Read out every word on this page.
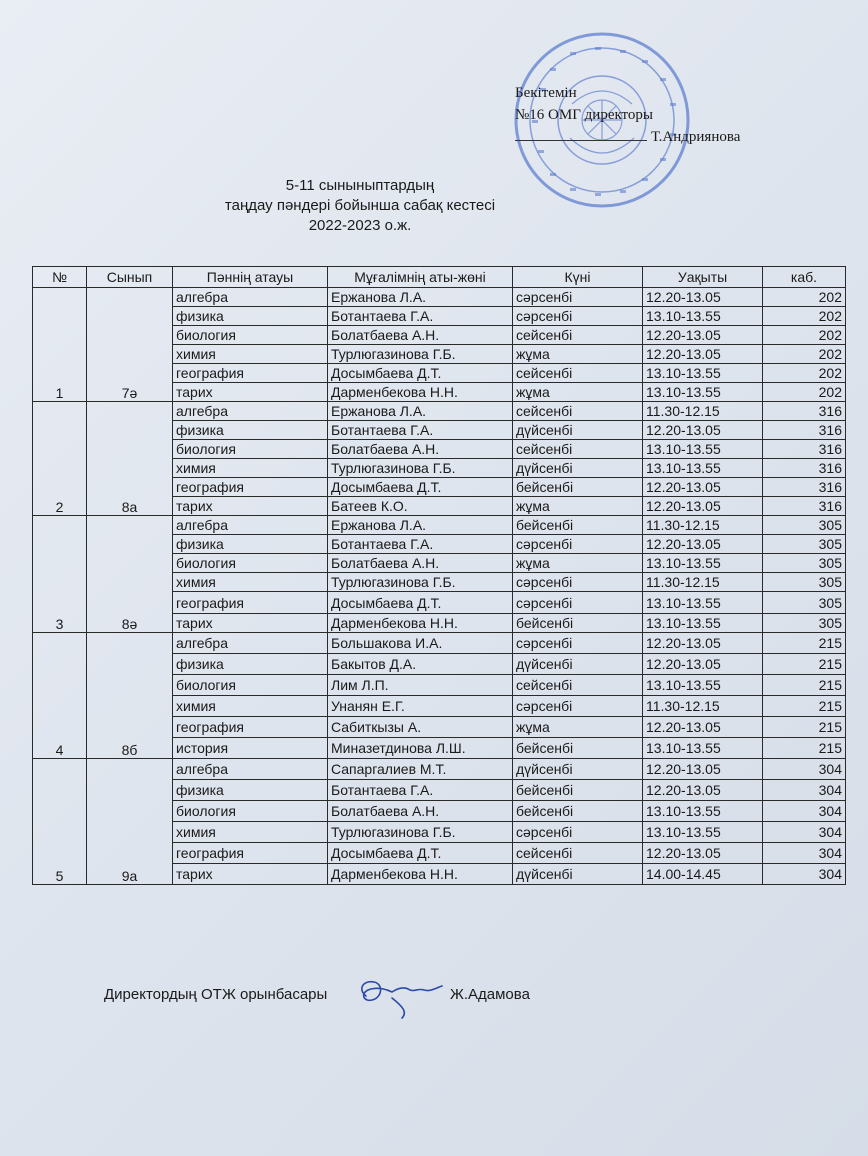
Бекітемін
№16 ОМГ директоры
Т.Андриянова
5-11 сыныныптардың
таңдау пәндері бойынша сабақ кестесі
2022-2023 о.ж.
№	Сынып	Пәннің атауы	Мұғалімнің аты-жөні	Күні	Уақыты	каб.
1	7ә	алгебра	Ержанова Л.А.	сәрсенбі	12.20-13.05	202
		физика	Ботантаева Г.А.	сәрсенбі	13.10-13.55	202
		биология	Болатбаева А.Н.	сейсенбі	12.20-13.05	202
		химия	Турлюгазинова Г.Б.	жұма	12.20-13.05	202
		география	Досымбаева Д.Т.	сейсенбі	13.10-13.55	202
		тарих	Дарменбекова Н.Н.	жұма	13.10-13.55	202
2	8а	алгебра	Ержанова Л.А.	сейсенбі	11.30-12.15	316
		физика	Ботантаева Г.А.	дүйсенбі	12.20-13.05	316
		биология	Болатбаева А.Н.	сейсенбі	13.10-13.55	316
		химия	Турлюгазинова Г.Б.	дүйсенбі	13.10-13.55	316
		география	Досымбаева Д.Т.	бейсенбі	12.20-13.05	316
		тарих	Батеев К.О.	жұма	12.20-13.05	316
3	8ә	алгебра	Ержанова Л.А.	бейсенбі	11.30-12.15	305
		физика	Ботантаева Г.А.	сәрсенбі	12.20-13.05	305
		биология	Болатбаева А.Н.	жұма	13.10-13.55	305
		химия	Турлюгазинова Г.Б.	сәрсенбі	11.30-12.15	305
		география	Досымбаева Д.Т.	сәрсенбі	13.10-13.55	305
		тарих	Дарменбекова Н.Н.	бейсенбі	13.10-13.55	305
4	8б	алгебра	Большакова И.А.	сәрсенбі	12.20-13.05	215
		физика	Бакытов Д.А.	дүйсенбі	12.20-13.05	215
		биология	Лим Л.П.	сейсенбі	13.10-13.55	215
		химия	Унанян Е.Г.	сәрсенбі	11.30-12.15	215
		география	Сабиткызы А.	жұма	12.20-13.05	215
		история	Миназетдинова Л.Ш.	бейсенбі	13.10-13.55	215
5	9а	алгебра	Сапаргалиев М.Т.	дүйсенбі	12.20-13.05	304
		физика	Ботантаева Г.А.	бейсенбі	12.20-13.05	304
		биология	Болатбаева А.Н.	бейсенбі	13.10-13.55	304
		химия	Турлюгазинова Г.Б.	сәрсенбі	13.10-13.55	304
		география	Досымбаева Д.Т.	сейсенбі	12.20-13.05	304
		тарих	Дарменбекова Н.Н.	дүйсенбі	14.00-14.45	304
Директордың ОТЖ орынбасары	Ж.Адамова
